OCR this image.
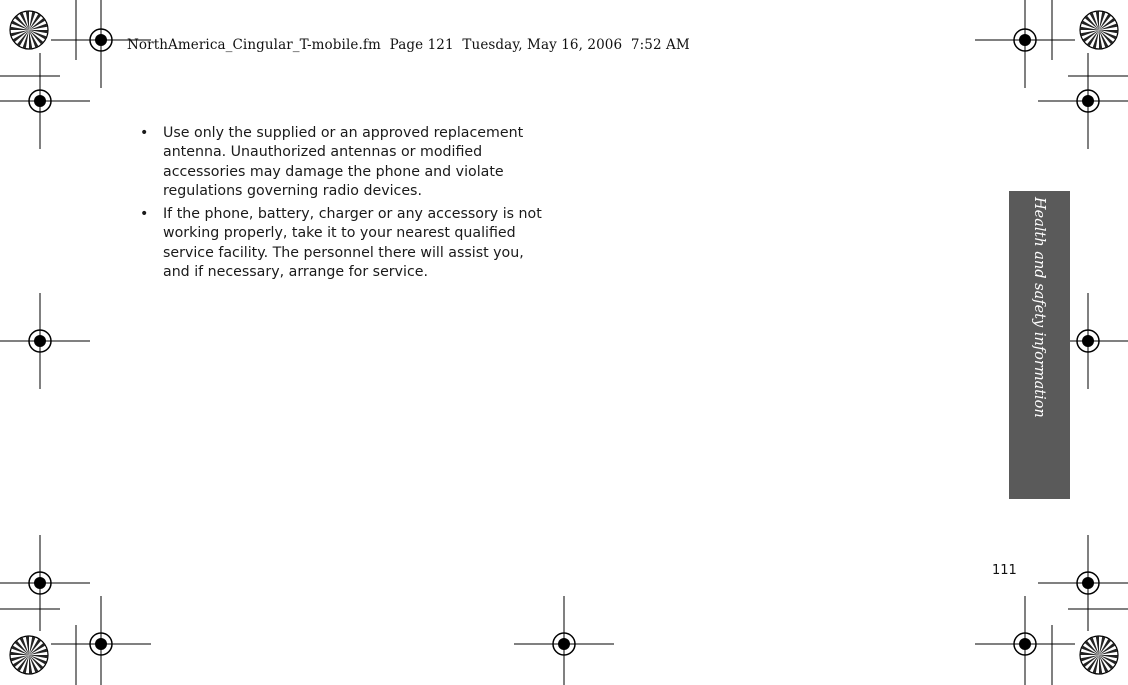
NorthAmerica_Cingular_T-mobile.fm  Page 121  Tuesday, May 16, 2006  7:52 AM
• Use only the supplied or an approved replacement antenna. Unauthorized antennas or modified accessories may damage the phone and violate regulations governing radio devices.
• If the phone, battery, charger or any accessory is not working properly, take it to your nearest qualified service facility. The personnel there will assist you, and if necessary, arrange for service.	Health and safety information
111
